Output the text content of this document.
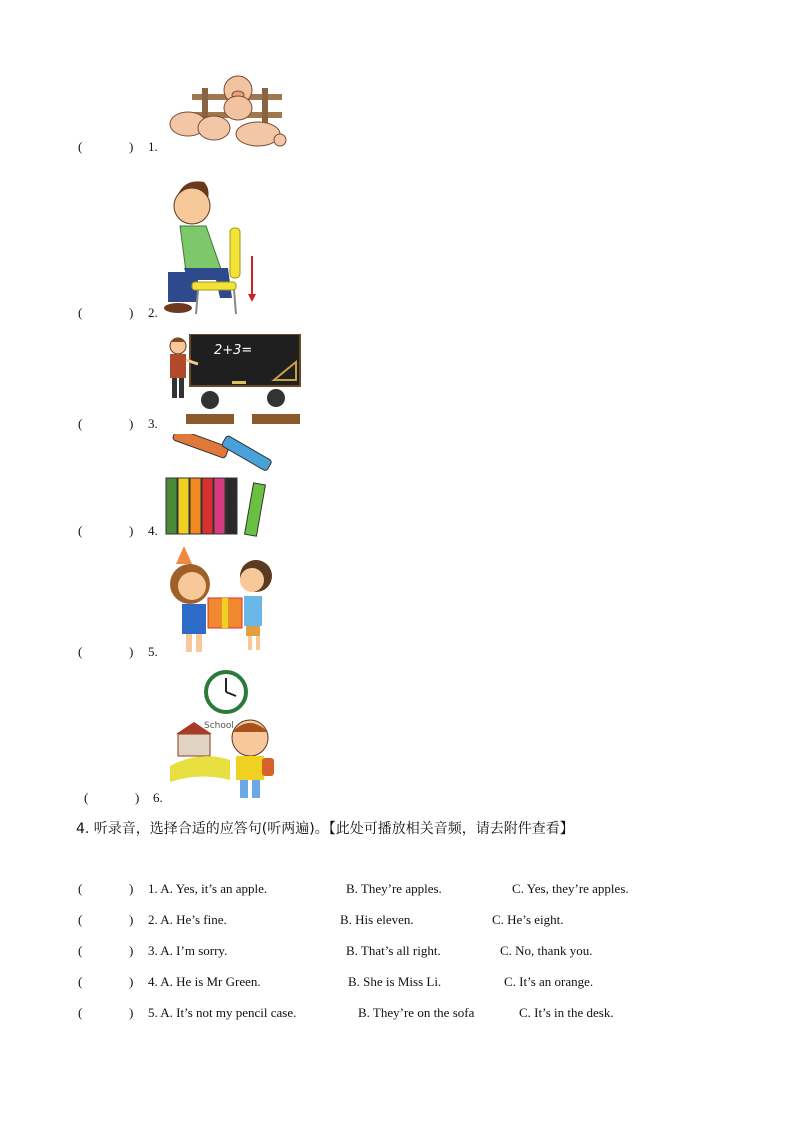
(	) 1.
(	) 2.
(	) 3.
2+3=
(	) 4.
(	) 5.
(	) 6.
School
4. 听录音，选择合适的应答句(听两遍)。【此处可播放相关音频，请去附件查看】
(	) 1. A. Yes, it’s an apple.	B. They’re apples.	C. Yes, they’re apples.
(	) 2. A. He’s fine.	B. His eleven.	C. He’s eight.
(	) 3. A. I’m sorry.	B. That’s all right.	C. No, thank you.
(	) 4. A. He is Mr Green.	B. She is Miss Li.	C. It’s an orange.
(	) 5. A. It’s not my pencil case.	B. They’re on the sofa	C. It’s in the desk.
